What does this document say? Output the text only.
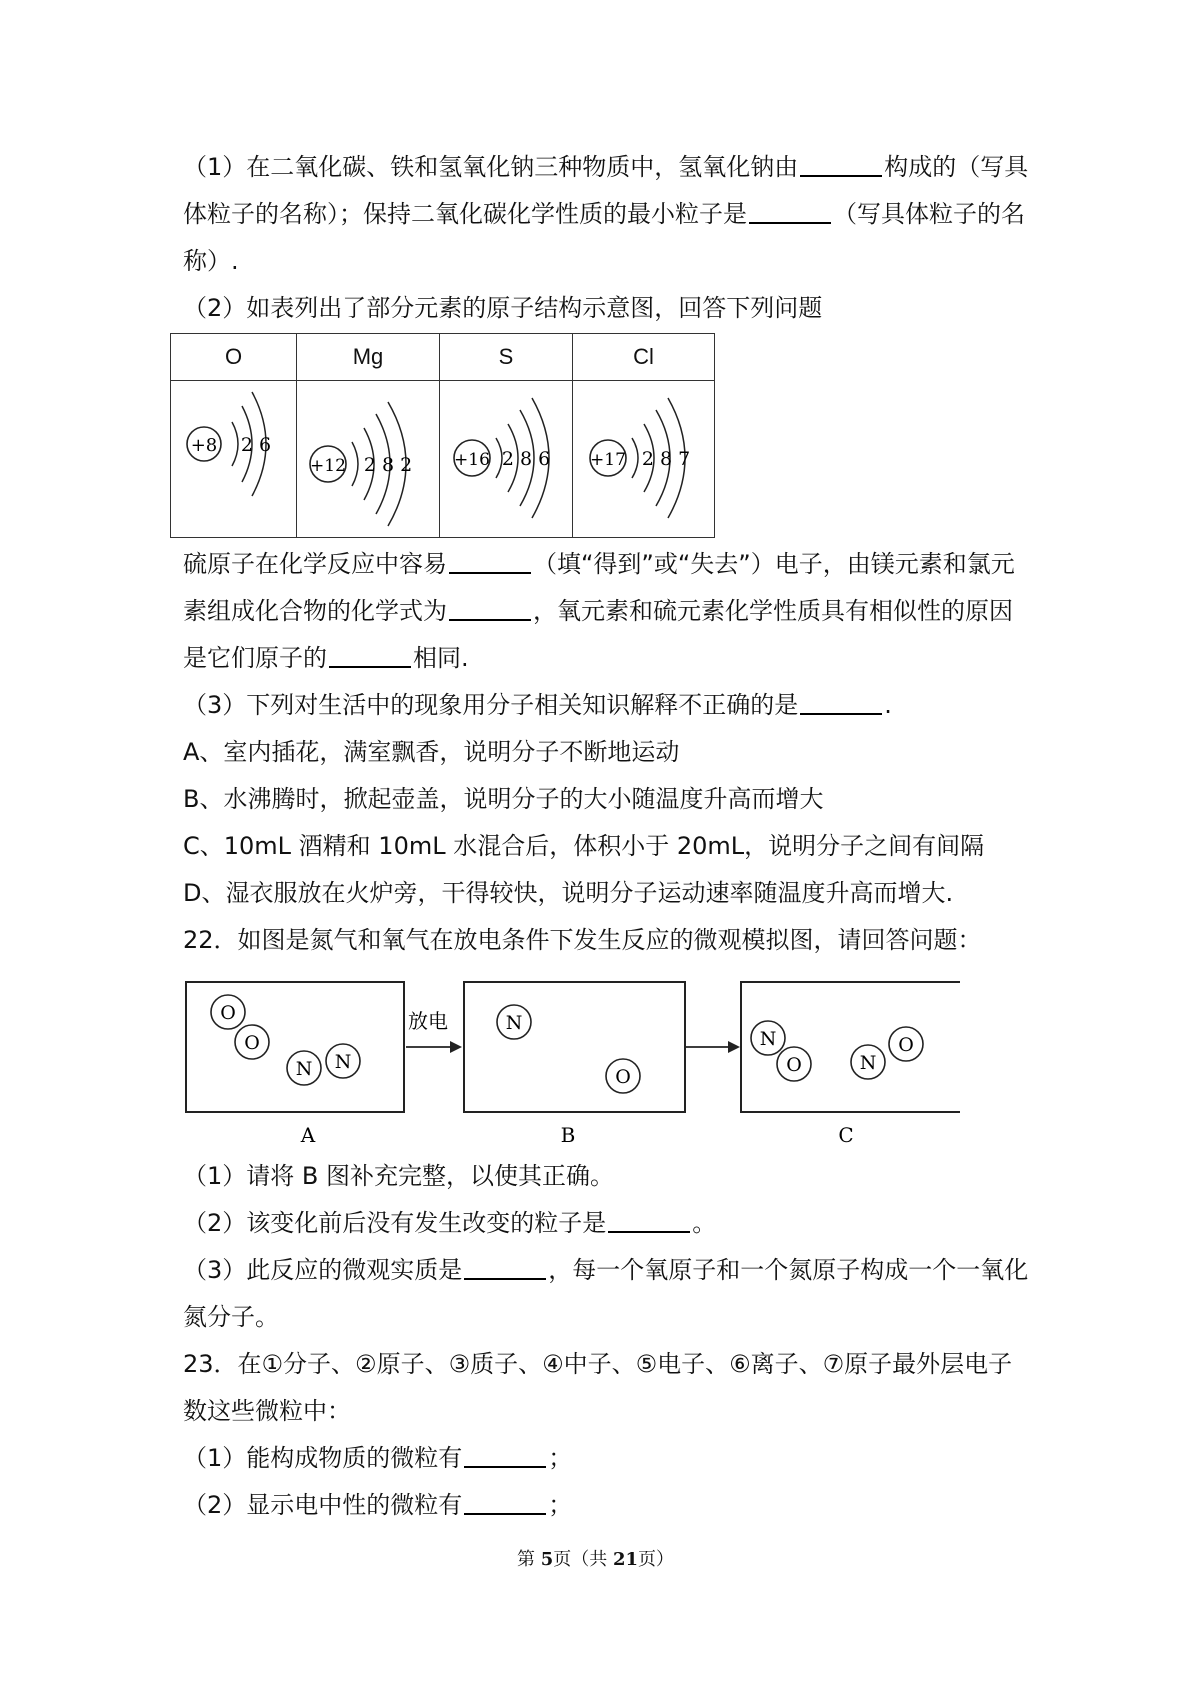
（1）在二氧化碳、铁和氢氧化钠三种物质中，氢氧化钠由	构成的（写具
体粒子的名称）；保持二氧化碳化学性质的最小粒子是	（写具体粒子的名
称）.
（2）如表列出了部分元素的原子结构示意图，回答下列问题
O	Mg	S	Cl

+8 2 6	+12 2 8 2	+16 2 8 6	+17 2 8 7
硫原子在化学反应中容易	（填“得到”或“失去”）电子，由镁元素和氯元
素组成化合物的化学式为	，氧元素和硫元素化学性质具有相似性的原因
是它们原子的	相同.
（3）下列对生活中的现象用分子相关知识解释不正确的是	.
A、室内插花，满室飘香，说明分子不断地运动
B、水沸腾时，掀起壶盖，说明分子的大小随温度升高而增大
C、10mL 酒精和 10mL 水混合后，体积小于 20mL，说明分子之间有间隔
D、湿衣服放在火炉旁，干得较快，说明分子运动速率随温度升高而增大.
22．如图是氮气和氧气在放电条件下发生反应的微观模拟图，请回答问题：
O
O
N N
放电	N
O
N
O	N
O
A	B	C
（1）请将 B 图补充完整，以使其正确。
（2）该变化前后没有发生改变的粒子是	。
（3）此反应的微观实质是	，每一个氧原子和一个氮原子构成一个一氧化
氮分子。
23．在①分子、②原子、③质子、④中子、⑤电子、⑥离子、⑦原子最外层电子
数这些微粒中：
（1）能构成物质的微粒有	；
（2）显示电中性的微粒有	；
第 5页（共 21页）
